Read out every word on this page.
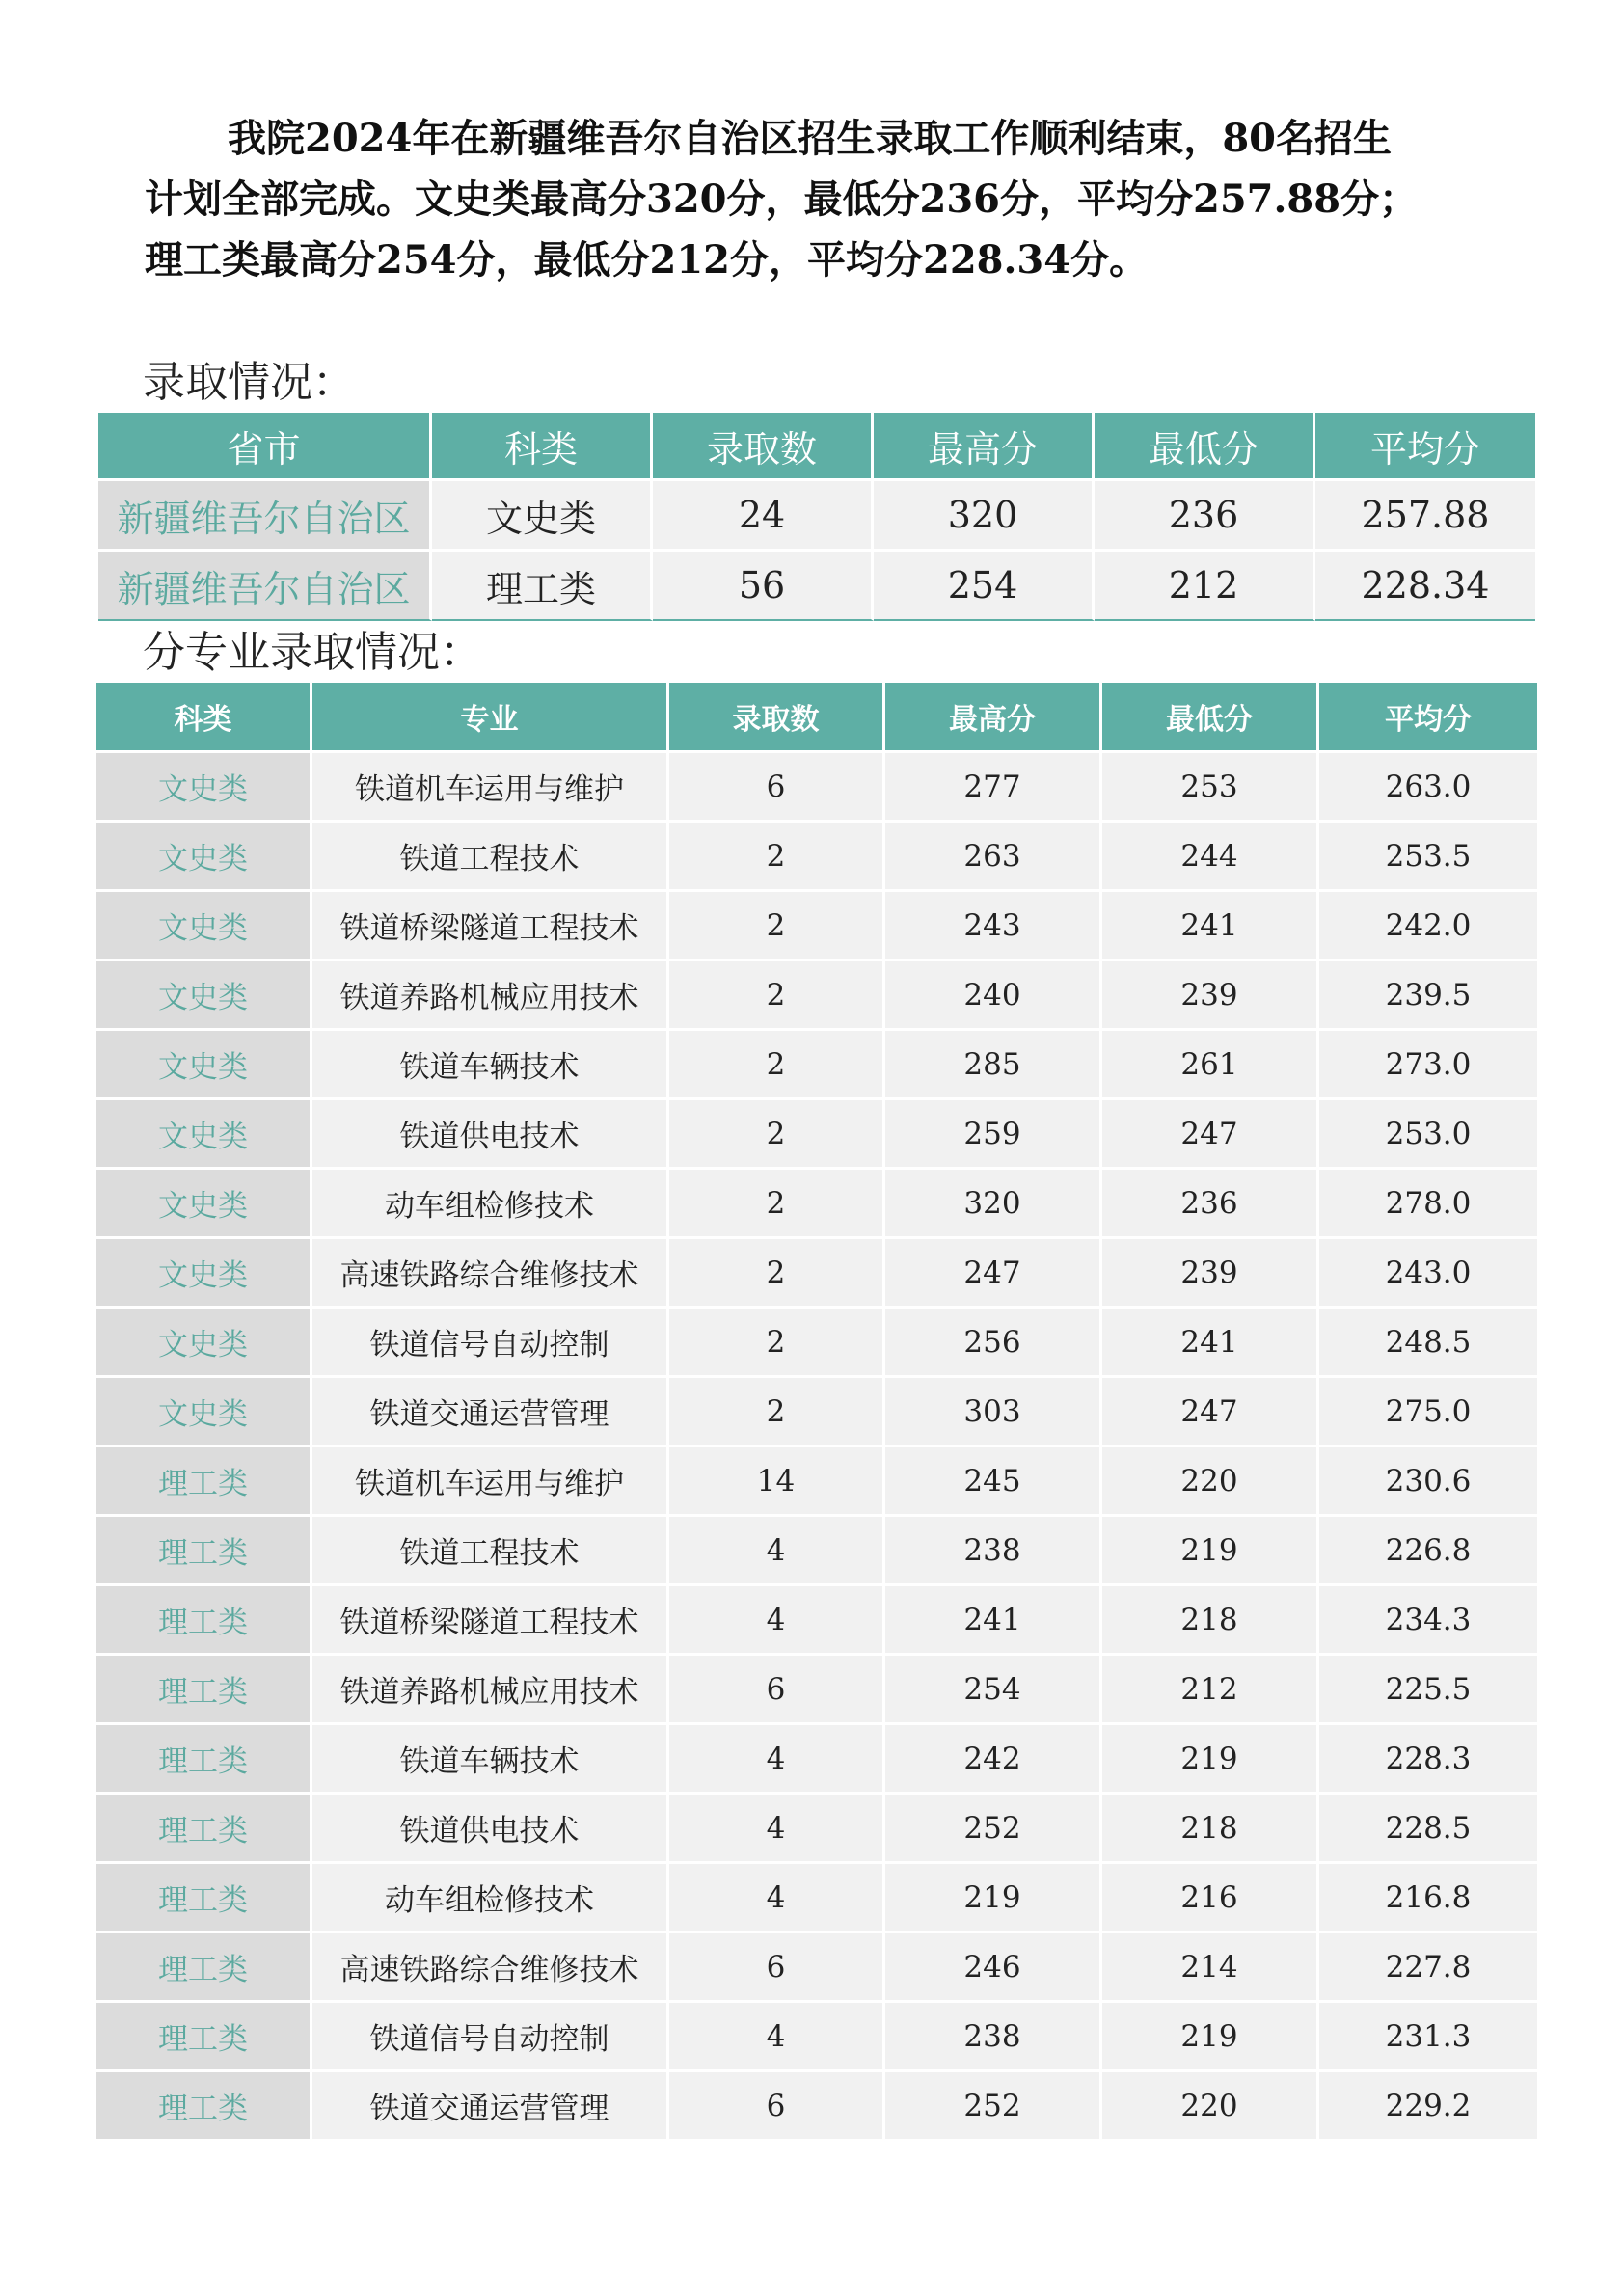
我院2024年在新疆维吾尔自治区招生录取工作顺利结束，80名招生

计划全部完成。文史类最高分320分，最低分236分，平均分257.88分；

理工类最高分254分，最低分212分，平均分228.34分。

录取情况：
省市	科类	录取数	最高分	最低分	平均分
新疆维吾尔自治区	文史类	24	320	236	257.88
新疆维吾尔自治区	理工类	56	254	212	228.34
分专业录取情况：
科类	专业	录取数	最高分	最低分	平均分
文史类	铁道机车运用与维护	6	277	253	263.0
文史类	铁道工程技术	2	263	244	253.5
文史类	铁道桥梁隧道工程技术	2	243	241	242.0
文史类	铁道养路机械应用技术	2	240	239	239.5
文史类	铁道车辆技术	2	285	261	273.0
文史类	铁道供电技术	2	259	247	253.0
文史类	动车组检修技术	2	320	236	278.0
文史类	高速铁路综合维修技术	2	247	239	243.0
文史类	铁道信号自动控制	2	256	241	248.5
文史类	铁道交通运营管理	2	303	247	275.0
理工类	铁道机车运用与维护	14	245	220	230.6
理工类	铁道工程技术	4	238	219	226.8
理工类	铁道桥梁隧道工程技术	4	241	218	234.3
理工类	铁道养路机械应用技术	6	254	212	225.5
理工类	铁道车辆技术	4	242	219	228.3
理工类	铁道供电技术	4	252	218	228.5
理工类	动车组检修技术	4	219	216	216.8
理工类	高速铁路综合维修技术	6	246	214	227.8
理工类	铁道信号自动控制	4	238	219	231.3
理工类	铁道交通运营管理	6	252	220	229.2
